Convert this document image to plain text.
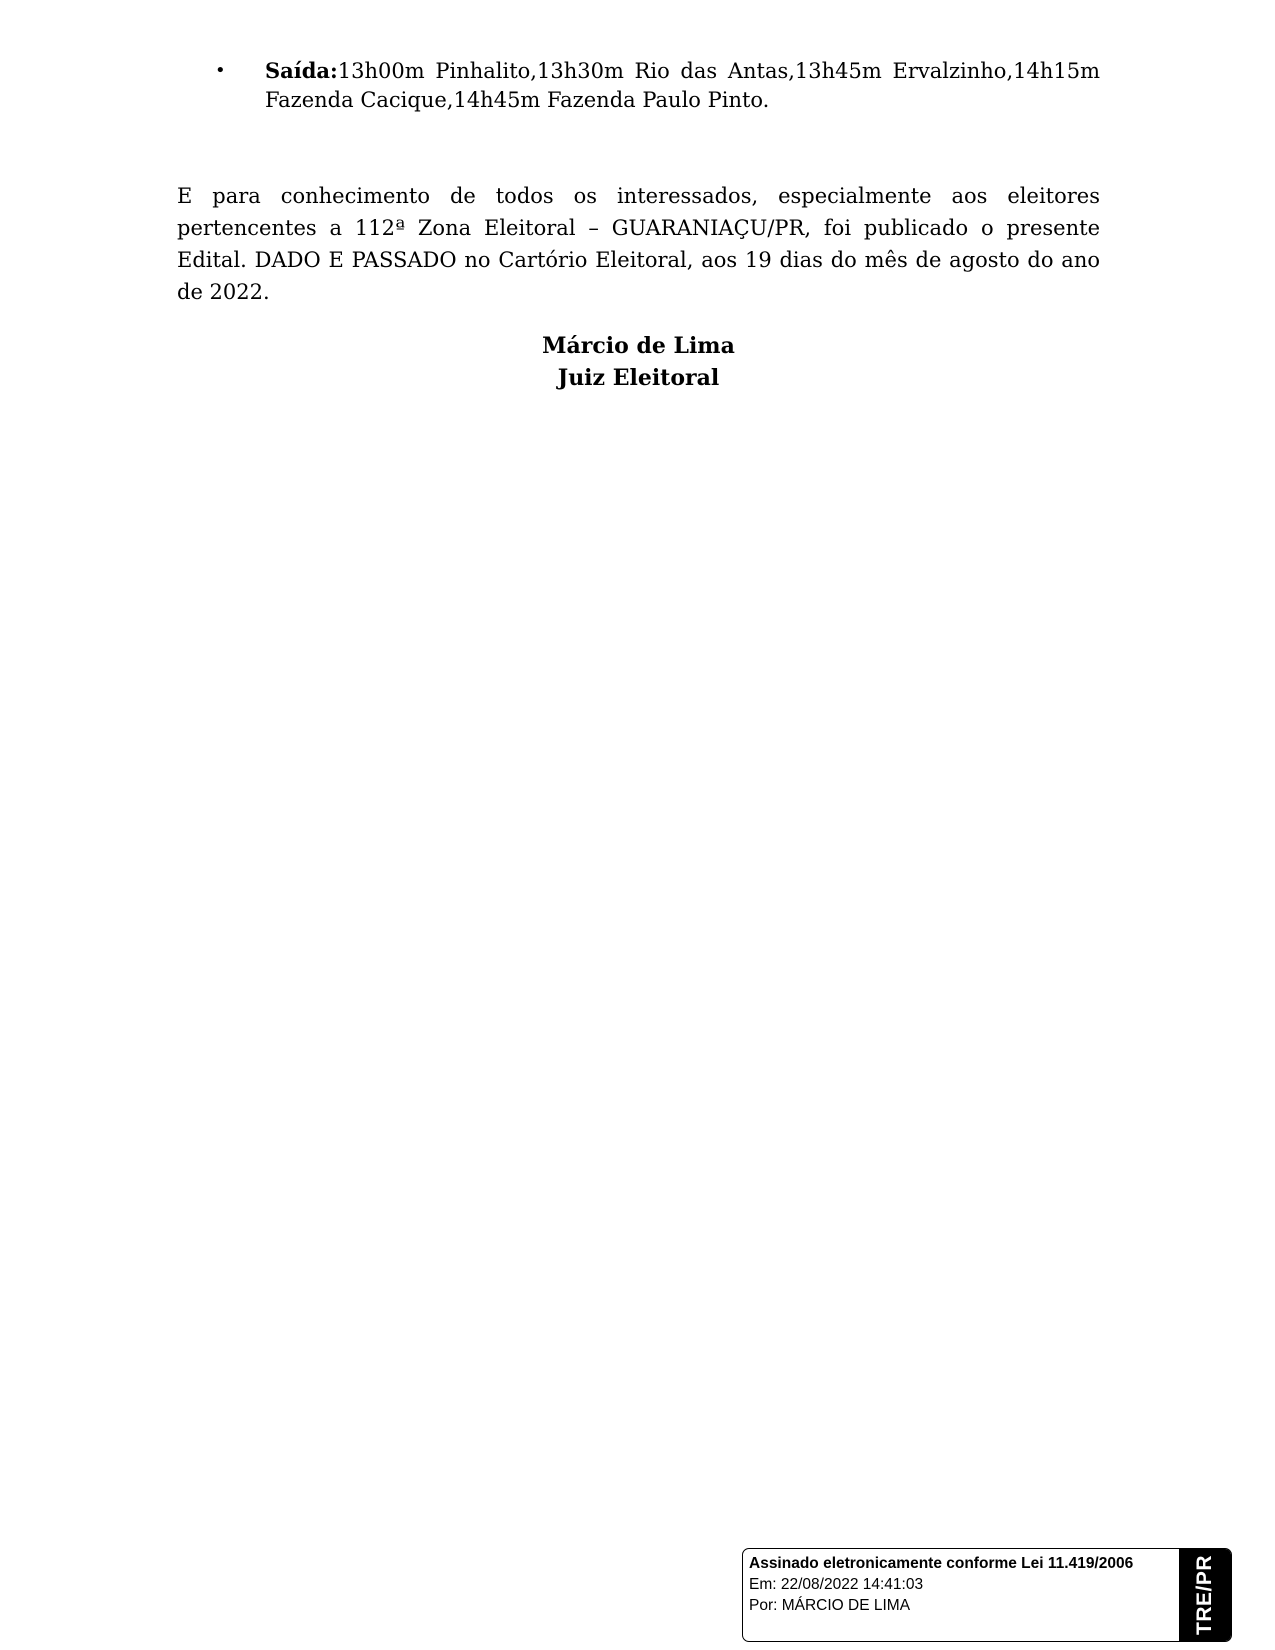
• Saída:13h00m Pinhalito,13h30m Rio das Antas,13h45m Ervalzinho,14h15m Fazenda Cacique,14h45m Fazenda Paulo Pinto.

E para conhecimento de todos os interessados, especialmente aos eleitores pertencentes a 112ª Zona Eleitoral – GUARANIAÇU/PR, foi publicado o presente Edital. DADO E PASSADO no Cartório Eleitoral, aos 19 dias do mês de agosto do ano de 2022.

Márcio de Lima
Juiz Eleitoral
Assinado eletronicamente conforme Lei 11.419/2006
Em: 22/08/2022 14:41:03
Por: MÁRCIO DE LIMA	TRE/PR
